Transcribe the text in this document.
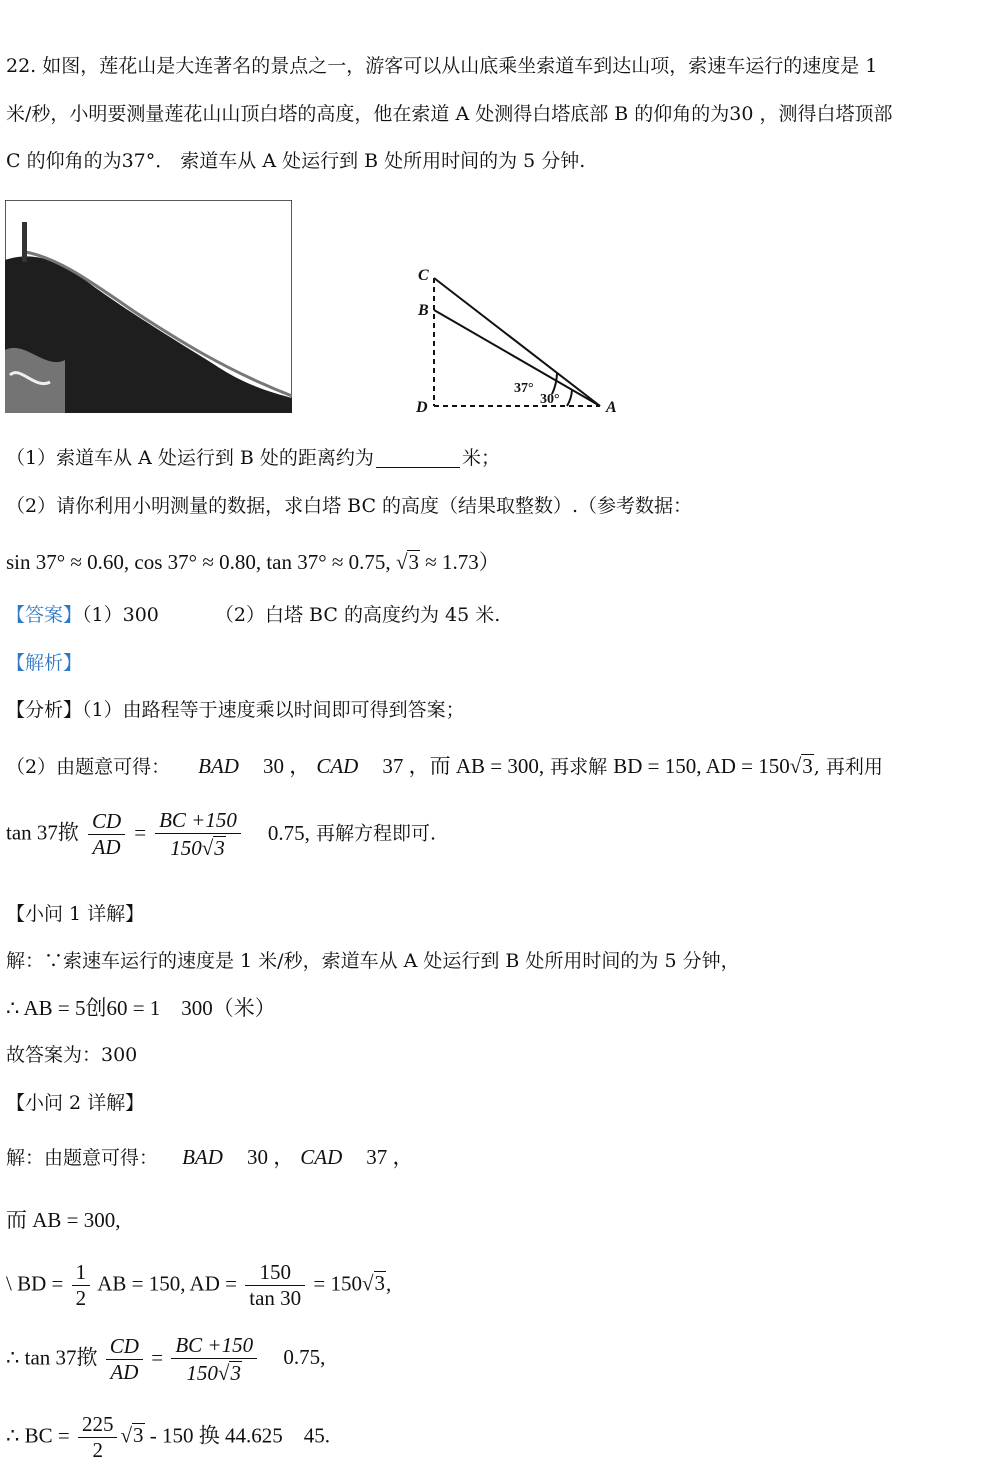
22. 如图，莲花山是大连著名的景点之一，游客可以从山底乘坐索道车到达山项，索速车运行的速度是 1
米/秒，小明要测量莲花山山顶白塔的高度，他在索道 A 处测得白塔底部 B 的仰角的为30 ，测得白塔顶部
C 的仰角的为37°． 索道车从 A 处运行到 B 处所用时间的为 5 分钟.
C
B
D	A
37°
30°
（1）索道车从 A 处运行到 B 处的距离约为	米；
（2）请你利用小明测量的数据，求白塔 BC 的高度（结果取整数）.（参考数据：
sin 37° ≈ 0.60, cos 37° ≈ 0.80, tan 37° ≈ 0.75, √3 ≈ 1.73）
【答案】（1）300	（2）白塔 BC 的高度约为 45 米.
【解析】
【分析】（1）由路程等于速度乘以时间即可得到答案；
（2）由题意可得： BAD 30 ， CAD 37 ，而 AB = 300, 再求解 BD = 150, AD = 150√3, 再利用
tan 37揿 $\frac{CD}{AD} = \frac{BC +150}{150√3} 0.75$, 再解方程即可.
【小问 1 详解】
解：∵索速车运行的速度是 1 米/秒，索道车从 A 处运行到 B 处所用时间的为 5 分钟，
∴ AB = 5创60 = 1　300（米）
故答案为：300
【小问 2 详解】
解：由题意可得： BAD 30 ， CAD 37 ，
而 AB = 300,
\ BD = $\frac{1}{2}$ AB = 150, AD = $\frac{150}{\tan 30} = 150√3$,
∴ tan 37揿 $\frac{CD}{AD} = \frac{BC +150}{150√3} 0.75$,
∴ BC = $\frac{225}{2} √3 - 150$ 换 44.625　45.
